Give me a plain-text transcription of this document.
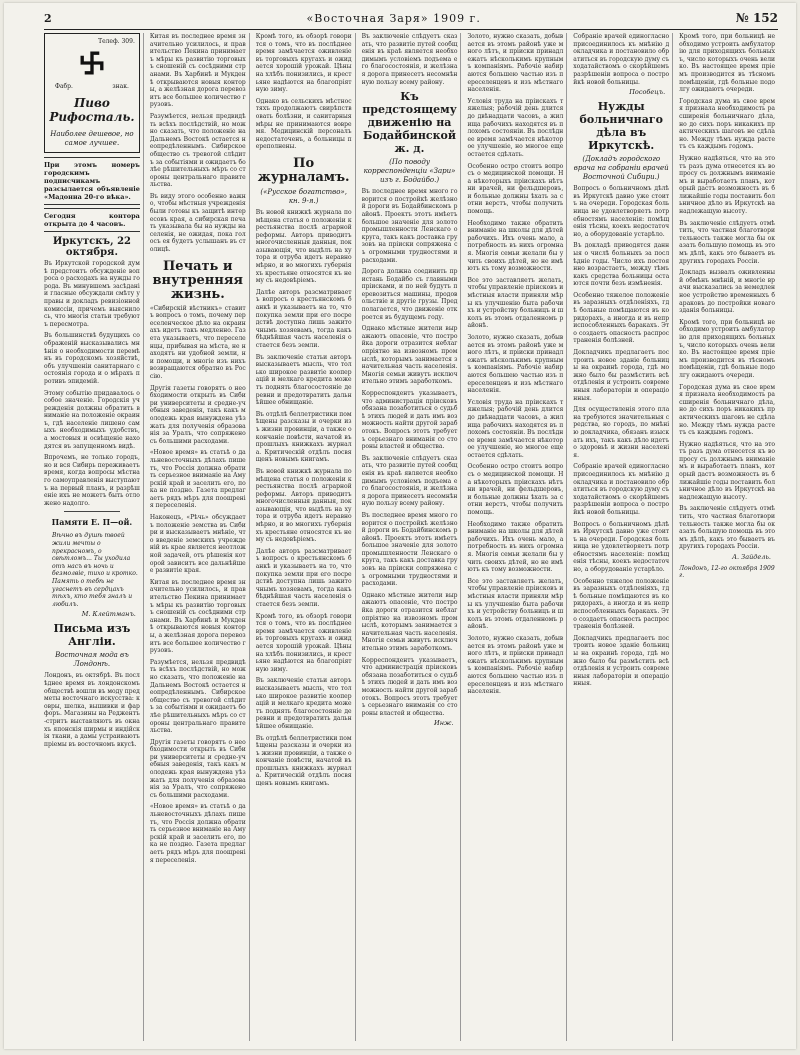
2	«Восточная Заря» 1909 г.	№ 152
Телеф. 309.
Фабр.	знак.
Пиво Рифосталь.
Наиболее дешевое, но самое лучшее.
При этомъ номеръ городскимъ подписчикамъ разсылается объявленіе «Мадонна 20-го вѣка».
Сегодня контора открыта до 4 часовъ.
Иркутскъ, 22 октября.
Въ Иркутской городской думѣ предстоитъ обсужденіе вопроса о расходахъ на нужды города. Въ минувшемъ засѣданіи гласные обсуждали смѣту управы и докладъ ревизіонной комиссіи, причемъ выяснилось, что многія статьи требуютъ пересмотра.
Въ большинствѣ будущихъ соображеній высказывались мнѣнія о необходимости перемѣнъ въ городскомъ хозяйствѣ, объ улучшеніи санитарнаго состоянія города и о мѣрахъ противъ эпидемій.
Этому событію придавалось особое значеніе. Городскія учрежденія должны обратить вниманіе на положеніе окраинъ, гдѣ населеніе лишено самыхъ необходимыхъ удобствъ, а мостовыя и освѣщеніе находятся въ запущенномъ видѣ.
Впрочемъ, не только городъ, но и вся Сибирь переживаетъ время, когда вопросы мѣстнаго самоуправленія выступаютъ на первый планъ, и разрѣшеніе ихъ не можетъ быть отложено надолго.
Памяти Е. П—ой.
Вѣчно въ душѣ твоей жили мечты о прекрасномъ, о свѣтломъ... Ты уходила отъ насъ въ ночь и безмолвіе, тихо и кротко. Память о тебѣ не угаснетъ въ сердцахъ тѣхъ, кто тебя зналъ и любилъ.
М. Клейтманъ.
Письма изъ Англіи.
Восточная мода въ Лондонѣ.
Лондонъ, въ октябрѣ. Въ послѣднее время въ лондонскомъ обществѣ вошли въ моду предметы восточнаго искусства: ковры, шелка, вышивки и фарфоръ. Магазины на Реджентъ-стритъ выставляютъ въ окнахъ японскія ширмы и индійскія ткани, а дамы устраиваютъ пріемы въ восточномъ вкусѣ.
Китая въ последнее время значительно усилилось, и правительство Пекина принимаетъ мѣры къ развитію торговыхъ сношеній съ сосѣдними странами. Въ Харбинѣ и Мукденѣ открываются новыя конторы, а желѣзная дорога перевозитъ все большее количество грузовъ.
Разумѣется, нельзя предвидѣть всѣхъ послѣдствій, но можно сказать, что положеніе на Дальнемъ Востокѣ остается неопредѣленнымъ. Сибирское общество съ тревогой слѣдитъ за событіями и ожидаетъ болѣе рѣшительныхъ мѣръ со стороны центральнаго правительства.
Въ виду этого особенно важно, чтобы мѣстныя учрежденія были готовы къ защитѣ интересовъ края, а сибирская печать указывала бы на нужды населенія, не ожидая, пока голосъ ея будетъ услышанъ въ столицѣ.
Печать и внутренняя жизнь.
«Сибирскій вѣстникъ» ставитъ вопросъ о томъ, почему переселенческое дѣло на окраинахъ идетъ такъ медленно. Газета указываетъ, что переселенцы, прибывая на мѣста, не находятъ ни удобной земли, ни помощи, и многіе изъ нихъ возвращаются обратно въ Россію.
Другія газеты говорятъ о необходимости открыть въ Сибири университеты и средне-учебныя заведенія, такъ какъ молодежь края вынуждена уѣзжать для полученія образованія за Уралъ, что сопряжено съ большими расходами.
«Новое время» въ статьѣ о дальневосточныхъ дѣлахъ пишетъ, что Россія должна обратить серьезное вниманіе на Амурскій край и заселить его, пока не поздно. Газета предлагаетъ рядъ мѣръ для поощренія переселенія.
Наконецъ, «Рѣчь» обсуждаетъ положеніе земства въ Сибири и высказываетъ мнѣніе, что введеніе земскихъ учрежденій въ крае является неотложной задачей, отъ рѣшенія которой зависитъ все дальнѣйшее развитіе края.
Китая въ последнее время значительно усилилось, и правительство Пекина принимаетъ мѣры къ развитію торговыхъ сношеній съ сосѣдними странами. Въ Харбинѣ и Мукденѣ открываются новыя конторы, а желѣзная дорога перевозитъ все большее количество грузовъ.
Разумѣется, нельзя предвидѣть всѣхъ послѣдствій, но можно сказать, что положеніе на Дальнемъ Востокѣ остается неопредѣленнымъ. Сибирское общество съ тревогой слѣдитъ за событіями и ожидаетъ болѣе рѣшительныхъ мѣръ со стороны центральнаго правительства.
Другія газеты говорятъ о необходимости открыть въ Сибири университеты и средне-учебныя заведенія, такъ какъ молодежь края вынуждена уѣзжать для полученія образованія за Уралъ, что сопряжено съ большими расходами.
«Новое время» въ статьѣ о дальневосточныхъ дѣлахъ пишетъ, что Россія должна обратить серьезное вниманіе на Амурскій край и заселить его, пока не поздно. Газета предлагаетъ рядъ мѣръ для поощренія переселенія.
Кромѣ того, въ обзорѣ говорится о томъ, что въ послѣднее время замѣчается оживленіе въ торговыхъ кругахъ и ожидается хорошій урожай. Цѣны на хлѣбъ понизились, и крестьяне надѣются на благопріятную зиму.
Однако въ сельскихъ мѣстностяхъ продолжаютъ свирѣпствовать болѣзни, и санитарныя мѣры не принимаются вовремя. Медицинскій персоналъ недостаточенъ, а больницы переполнены.
По журналамъ.
(«Русское богатство», кн. 9-я.)
Въ новой книжкѣ журнала помѣщена статья о положеніи крестьянства послѣ аграрной реформы. Авторъ приводитъ многочисленныя данныя, показывающія, что выдѣлъ на хутора и отруба идетъ неравномѣрно, и во многихъ губерніяхъ крестьяне относятся къ нему съ недовѣріемъ.
Далѣе авторъ разсматриваетъ вопросъ о крестьянскомъ банкѣ и указываетъ на то, что покупка земли при его посредствѣ доступна лишь зажиточнымъ хозяевамъ, тогда какъ бѣднѣйшая часть населенія остается безъ земли.
Въ заключеніе статьи авторъ высказываетъ мысль, что только широкое развитіе кооперацій и мелкаго кредита можетъ поднять благосостояніе деревни и предотвратить дальнѣйшее обнищаніе.
Въ отдѣлѣ беллетристики помѣщены разсказы и очерки изъ жизни провинціи, а также окончаніе повѣсти, начатой въ прошлыхъ книжкахъ журнала. Критическій отдѣлъ посвященъ новымъ книгамъ.
Въ новой книжкѣ журнала помѣщена статья о положеніи крестьянства послѣ аграрной реформы. Авторъ приводитъ многочисленныя данныя, показывающія, что выдѣлъ на хутора и отруба идетъ неравномѣрно, и во многихъ губерніяхъ крестьяне относятся къ нему съ недовѣріемъ.
Далѣе авторъ разсматриваетъ вопросъ о крестьянскомъ банкѣ и указываетъ на то, что покупка земли при его посредствѣ доступна лишь зажиточнымъ хозяевамъ, тогда какъ бѣднѣйшая часть населенія остается безъ земли.
Кромѣ того, въ обзорѣ говорится о томъ, что въ послѣднее время замѣчается оживленіе въ торговыхъ кругахъ и ожидается хорошій урожай. Цѣны на хлѣбъ понизились, и крестьяне надѣются на благопріятную зиму.
Въ заключеніе статьи авторъ высказываетъ мысль, что только широкое развитіе кооперацій и мелкаго кредита можетъ поднять благосостояніе деревни и предотвратить дальнѣйшее обнищаніе.
Въ отдѣлѣ беллетристики помѣщены разсказы и очерки изъ жизни провинціи, а также окончаніе повѣсти, начатой въ прошлыхъ книжкахъ журнала. Критическій отдѣлъ посвященъ новымъ книгамъ.
Въ заключеніе слѣдуетъ сказать, что развитіе путей сообщенія въ краѣ является необходимымъ условіемъ подъема его благосостоянія, и желѣзная дорога принесетъ несомнѣнную пользу всему району.
Къ предстоящему движенію на Бодайбинской ж. д.
(По поводу корреспонденціи «Зари» изъ г. Бодайбо.)
Въ последнее время много говорится о постройкѣ желѣзной дороги въ Бодайбинскомъ районѣ. Проектъ этотъ имѣетъ большое значеніе для золотопромышленности Ленскаго округа, такъ какъ доставка грузовъ на пріиски сопряжена съ огромными трудностями и расходами.
Дорога должна соединить пристань Бодайбо съ главными пріисками, и по ней будутъ перевозиться машины, продовольствіе и другіе грузы. Предполагается, что движеніе откроется въ будущемъ году.
Однако мѣстные жители выражаютъ опасеніе, что постройка дороги отразится неблагопріятно на извозномъ промыслѣ, которымъ занимается значительная часть населенія. Многія семьи живутъ исключительно этимъ заработкомъ.
Корреспондентъ указываетъ, что администрація пріисковъ обязана позаботиться о судьбѣ этихъ людей и дать имъ возможность найти другой заработокъ. Вопросъ этотъ требуетъ серьезнаго вниманія со стороны властей и общества.
Въ заключеніе слѣдуетъ сказать, что развитіе путей сообщенія въ краѣ является необходимымъ условіемъ подъема его благосостоянія, и желѣзная дорога принесетъ несомнѣнную пользу всему району.
Въ последнее время много говорится о постройкѣ желѣзной дороги въ Бодайбинскомъ районѣ. Проектъ этотъ имѣетъ большое значеніе для золотопромышленности Ленскаго округа, такъ какъ доставка грузовъ на пріиски сопряжена съ огромными трудностями и расходами.
Однако мѣстные жители выражаютъ опасеніе, что постройка дороги отразится неблагопріятно на извозномъ промыслѣ, которымъ занимается значительная часть населенія. Многія семьи живутъ исключительно этимъ заработкомъ.
Корреспондентъ указываетъ, что администрація пріисковъ обязана позаботиться о судьбѣ этихъ людей и дать имъ возможность найти другой заработокъ. Вопросъ этотъ требуетъ серьезнаго вниманія со стороны властей и общества.
Инж.
Золото, нужно сказать, добывается въ этомъ районѣ уже много лѣтъ, и пріиски принадлежатъ нѣсколькимъ крупнымъ компаніямъ. Рабочіе набираются большею частью изъ переселенцевъ и изъ мѣстнаго населенія.
Условія труда на пріискахъ тяжелыя; рабочій день длится до двѣнадцати часовъ, а жилища рабочихъ находятся въ плохомъ состояніи. Въ послѣднее время замѣчается нѣкоторое улучшеніе, но многое еще остается сдѣлать.
Особенно остро стоитъ вопросъ о медицинской помощи. На нѣкоторыхъ пріискахъ нѣтъ ни врачей, ни фельдшеровъ, и больные должны ѣхать за сотни верстъ, чтобы получить помощь.
Необходимо также обратить вниманіе на школы для дѣтей рабочихъ. Ихъ очень мало, а потребность въ нихъ огромная. Многія семьи желали бы учить своихъ дѣтей, но не имѣютъ къ тому возможности.
Все это заставляетъ желать, чтобы управленіе пріисковъ и мѣстныя власти приняли мѣры къ улучшенію быта рабочихъ и устройству больницъ и школъ въ этомъ отдаленномъ районѣ.
Золото, нужно сказать, добывается въ этомъ районѣ уже много лѣтъ, и пріиски принадлежатъ нѣсколькимъ крупнымъ компаніямъ. Рабочіе набираются большею частью изъ переселенцевъ и изъ мѣстнаго населенія.
Условія труда на пріискахъ тяжелыя; рабочій день длится до двѣнадцати часовъ, а жилища рабочихъ находятся въ плохомъ состояніи. Въ послѣднее время замѣчается нѣкоторое улучшеніе, но многое еще остается сдѣлать.
Особенно остро стоитъ вопросъ о медицинской помощи. На нѣкоторыхъ пріискахъ нѣтъ ни врачей, ни фельдшеровъ, и больные должны ѣхать за сотни верстъ, чтобы получить помощь.
Необходимо также обратить вниманіе на школы для дѣтей рабочихъ. Ихъ очень мало, а потребность въ нихъ огромная. Многія семьи желали бы учить своихъ дѣтей, но не имѣютъ къ тому возможности.
Все это заставляетъ желать, чтобы управленіе пріисковъ и мѣстныя власти приняли мѣры къ улучшенію быта рабочихъ и устройству больницъ и школъ въ этомъ отдаленномъ районѣ.
Золото, нужно сказать, добывается въ этомъ районѣ уже много лѣтъ, и пріиски принадлежатъ нѣсколькимъ крупнымъ компаніямъ. Рабочіе набираются большею частью изъ переселенцевъ и изъ мѣстнаго населенія.
Собраніе врачей единогласно присоединилось къ мнѣнію докладчика и постановило обратиться въ городскую думу съ ходатайствомъ о скорѣйшемъ разрѣшеніи вопроса о постройкѣ новой больницы.
Пособецъ.
Нужды больничнаго дѣла въ Иркутскѣ.
(Докладъ городского врача на собраніи врачей Восточной Сибири.)
Вопросъ о больничномъ дѣлѣ въ Иркутскѣ давно уже стоитъ на очереди. Городская больница не удовлетворяетъ потребностямъ населенія: помѣщенія тѣсны, коекъ недостаточно, а оборудованіе устарѣло.
Въ докладѣ приводятся данныя о числѣ больныхъ за послѣдніе годы. Число ихъ постоянно возрастаетъ, между тѣмъ какъ средства больницы остаются почти безъ измѣненія.
Особенно тяжелое положеніе въ заразныхъ отдѣленіяхъ, гдѣ больные помѣщаются въ коридорахъ, а иногда и въ неприспособленныхъ баракахъ. Это создаетъ опасность распространенія болѣзней.
Докладчикъ предлагаетъ построить новое зданіе больницы на окраинѣ города, гдѣ можно было бы размѣстить всѣ отдѣленія и устроить современныя лабораторіи и операціонныя.
Для осуществленія этого плана требуются значительныя средства, но городъ, по мнѣнію докладчика, обязанъ изыскать ихъ, такъ какъ дѣло идетъ о здоровьѣ и жизни населенія.
Собраніе врачей единогласно присоединилось къ мнѣнію докладчика и постановило обратиться въ городскую думу съ ходатайствомъ о скорѣйшемъ разрѣшеніи вопроса о постройкѣ новой больницы.
Вопросъ о больничномъ дѣлѣ въ Иркутскѣ давно уже стоитъ на очереди. Городская больница не удовлетворяетъ потребностямъ населенія: помѣщенія тѣсны, коекъ недостаточно, а оборудованіе устарѣло.
Особенно тяжелое положеніе въ заразныхъ отдѣленіяхъ, гдѣ больные помѣщаются въ коридорахъ, а иногда и въ неприспособленныхъ баракахъ. Это создаетъ опасность распространенія болѣзней.
Докладчикъ предлагаетъ построить новое зданіе больницы на окраинѣ города, гдѣ можно было бы размѣстить всѣ отдѣленія и устроить современныя лабораторіи и операціонныя.
Кромѣ того, при больницѣ необходимо устроить амбулаторію для приходящихъ больныхъ, число которыхъ очень велико. Въ настоящее время пріемъ производится въ тѣсномъ помѣщеніи, гдѣ больные подолгу ожидаютъ очереди.
Городская дума въ свое время признала необходимость расширенія больничнаго дѣла, но до сихъ поръ никакихъ практическихъ шаговъ не сдѣлано. Между тѣмъ нужда растетъ съ каждымъ годомъ.
Нужно надѣяться, что на этотъ разъ дума отнесется къ вопросу съ должнымъ вниманіемъ и выработаетъ планъ, который дастъ возможность въ ближайшіе годы поставить больничное дѣло въ Иркутскѣ на надлежащую высоту.
Въ заключеніе слѣдуетъ отмѣтить, что частная благотворительность также могла бы оказать большую помощь въ этомъ дѣлѣ, какъ это бываетъ въ другихъ городахъ Россіи.
Докладъ вызвалъ оживленный обмѣнъ мнѣній, и многіе врачи высказались за немедленное устройство временныхъ бараковъ до постройки новаго зданія больницы.
Кромѣ того, при больницѣ необходимо устроить амбулаторію для приходящихъ больныхъ, число которыхъ очень велико. Въ настоящее время пріемъ производится въ тѣсномъ помѣщеніи, гдѣ больные подолгу ожидаютъ очереди.
Городская дума въ свое время признала необходимость расширенія больничнаго дѣла, но до сихъ поръ никакихъ практическихъ шаговъ не сдѣлано. Между тѣмъ нужда растетъ съ каждымъ годомъ.
Нужно надѣяться, что на этотъ разъ дума отнесется къ вопросу съ должнымъ вниманіемъ и выработаетъ планъ, который дастъ возможность въ ближайшіе годы поставить больничное дѣло въ Иркутскѣ на надлежащую высоту.
Въ заключеніе слѣдуетъ отмѣтить, что частная благотворительность также могла бы оказать большую помощь въ этомъ дѣлѣ, какъ это бываетъ въ другихъ городахъ Россіи.
А. Зайдель.
Лондонъ, 12-го октября 1909 г.
